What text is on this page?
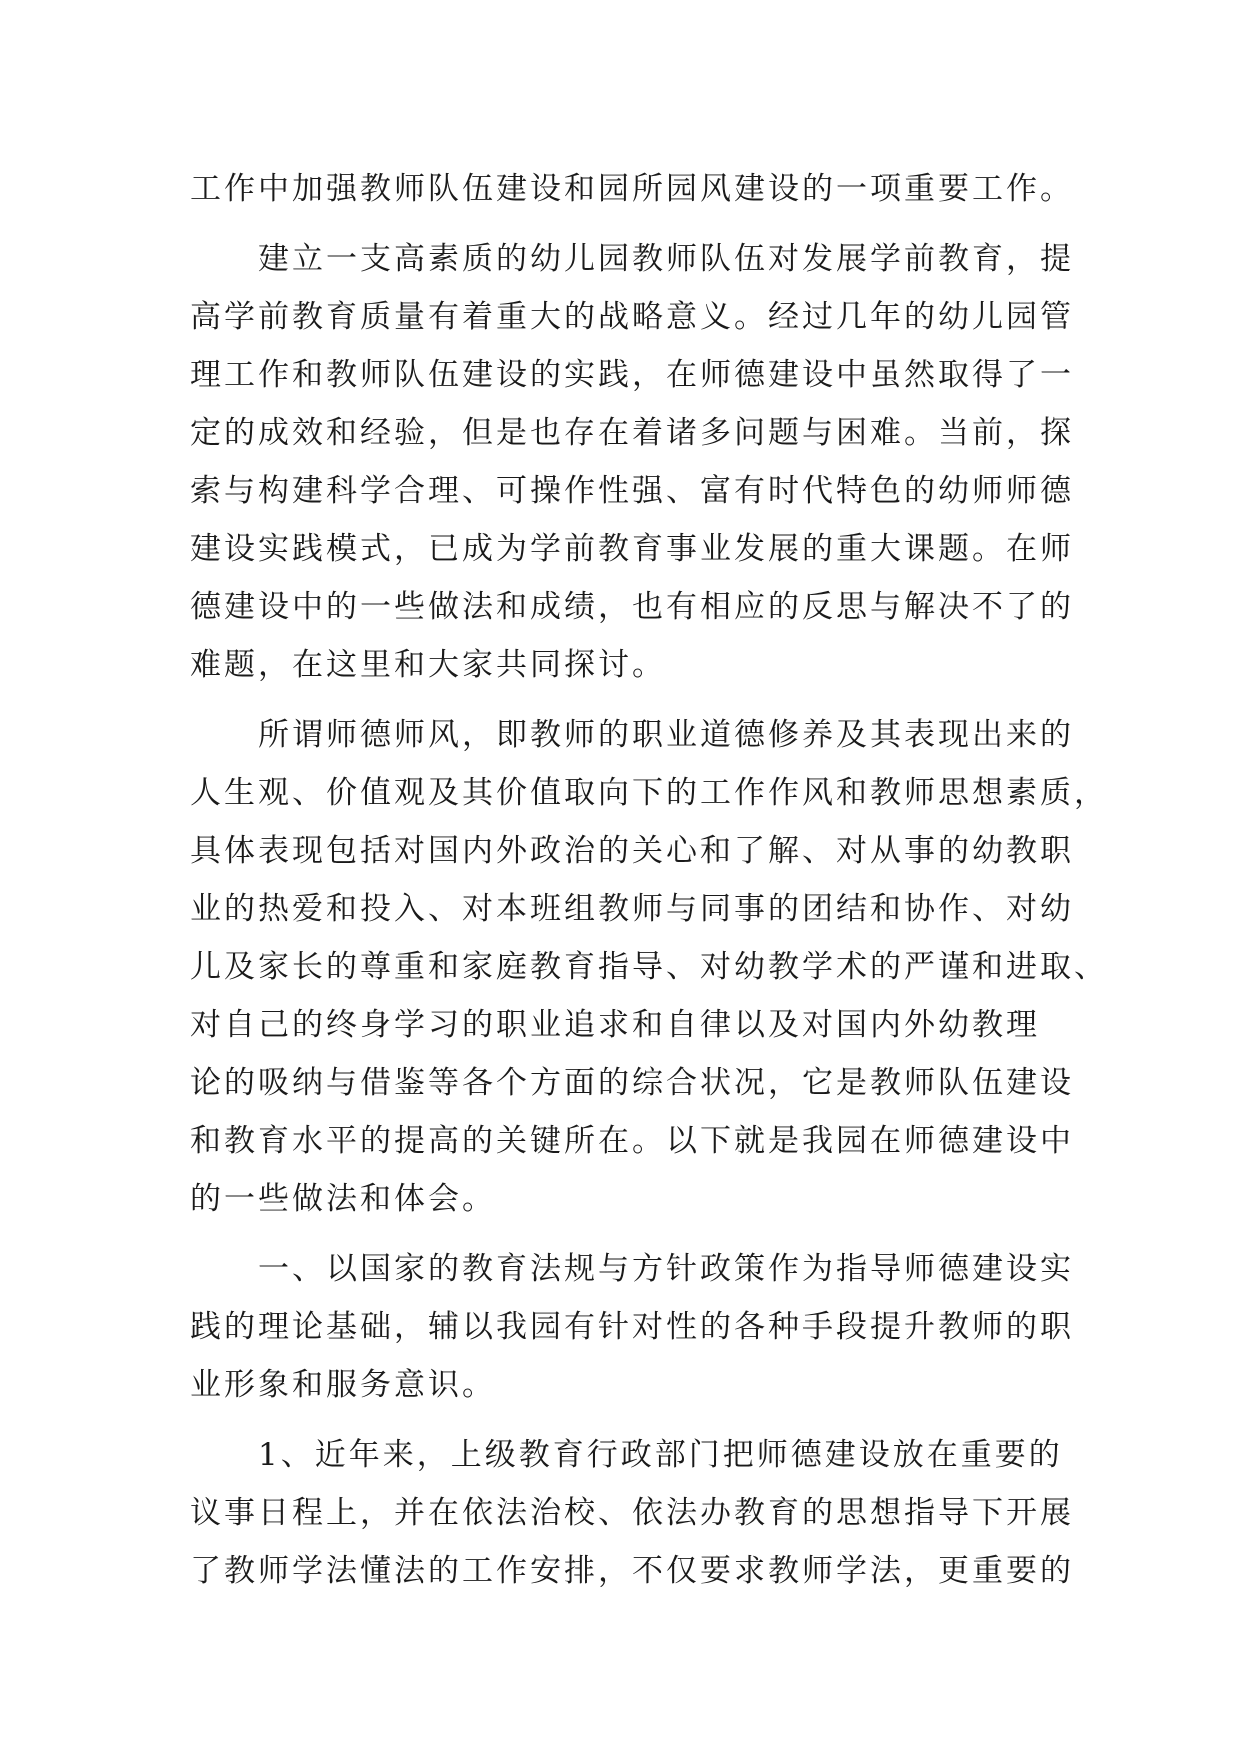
工作中加强教师队伍建设和园所园风建设的一项重要工作。
建立一支高素质的幼儿园教师队伍对发展学前教育，提
高学前教育质量有着重大的战略意义。经过几年的幼儿园管
理工作和教师队伍建设的实践，在师德建设中虽然取得了一
定的成效和经验，但是也存在着诸多问题与困难。当前，探
索与构建科学合理、可操作性强、富有时代特色的幼师师德
建设实践模式，已成为学前教育事业发展的重大课题。在师
德建设中的一些做法和成绩，也有相应的反思与解决不了的
难题，在这里和大家共同探讨。
所谓师德师风，即教师的职业道德修养及其表现出来的
人生观、价值观及其价值取向下的工作作风和教师思想素质，
具体表现包括对国内外政治的关心和了解、对从事的幼教职
业的热爱和投入、对本班组教师与同事的团结和协作、对幼
儿及家长的尊重和家庭教育指导、对幼教学术的严谨和进取、
对自己的终身学习的职业追求和自律以及对国内外幼教理
论的吸纳与借鉴等各个方面的综合状况，它是教师队伍建设
和教育水平的提高的关键所在。以下就是我园在师德建设中
的一些做法和体会。
一、以国家的教育法规与方针政策作为指导师德建设实
践的理论基础，辅以我园有针对性的各种手段提升教师的职
业形象和服务意识。
1、近年来，上级教育行政部门把师德建设放在重要的
议事日程上，并在依法治校、依法办教育的思想指导下开展
了教师学法懂法的工作安排，不仅要求教师学法，更重要的
